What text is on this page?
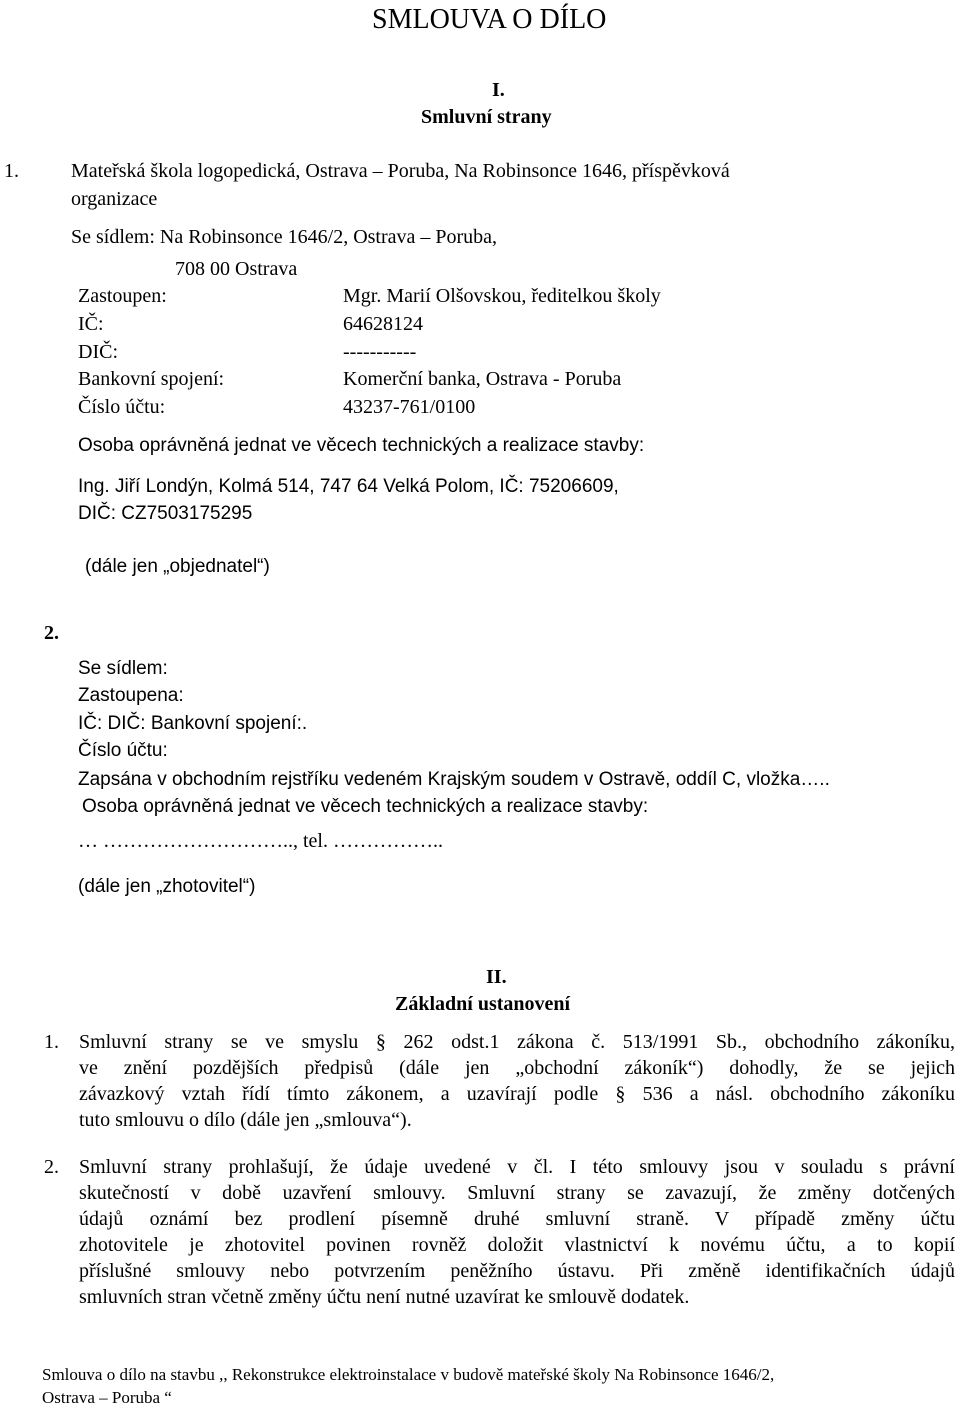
SMLOUVA O DÍLO
I.
Smluvní strany
1.	Mateřská škola logopedická, Ostrava – Poruba, Na Robinsonce 1646, příspěvková
organizace
Se sídlem: Na Robinsonce 1646/2, Ostrava – Poruba,
708 00 Ostrava
Zastoupen:	Mgr. Marií Olšovskou, ředitelkou školy
IČ:	64628124
DIČ:	-----------
Bankovní spojení:	Komerční banka, Ostrava - Poruba
Číslo účtu:	43237-761/0100
Osoba oprávněná jednat ve věcech technických a realizace stavby:
Ing. Jiří Londýn, Kolmá 514, 747 64 Velká Polom, IČ: 75206609,
DIČ: CZ7503175295
(dále jen „objednatel“)
2.
Se sídlem:
Zastoupena:
IČ: DIČ: Bankovní spojení:.
Číslo účtu:
Zapsána v obchodním rejstříku vedeném Krajským soudem v Ostravě, oddíl C, vložka…..
Osoba oprávněná jednat ve věcech technických a realizace stavby:
… ……………………….., tel. ……………..
(dále jen „zhotovitel“)
II.
Základní ustanovení
1. Smluvní strany se ve smyslu § 262 odst.1 zákona č. 513/1991 Sb., obchodního zákoníku,
ve znění pozdějších předpisů (dále jen „obchodní zákoník“) dohodly, že se jejich
závazkový vztah řídí tímto zákonem, a uzavírají podle § 536 a násl. obchodního zákoníku
tuto smlouvu o dílo (dále jen „smlouva“).
2. Smluvní strany prohlašují, že údaje uvedené v čl. I této smlouvy jsou v souladu s právní
skutečností v době uzavření smlouvy. Smluvní strany se zavazují, že změny dotčených
údajů oznámí bez prodlení písemně druhé smluvní straně. V případě změny účtu
zhotovitele je zhotovitel povinen rovněž doložit vlastnictví k novému účtu, a to kopií
příslušné smlouvy nebo potvrzením peněžního ústavu. Při změně identifikačních údajů
smluvních stran včetně změny účtu není nutné uzavírat ke smlouvě dodatek.
Smlouva o dílo na stavbu ,, Rekonstrukce elektroinstalace v budově mateřské školy Na Robinsonce 1646/2,
Ostrava – Poruba “
